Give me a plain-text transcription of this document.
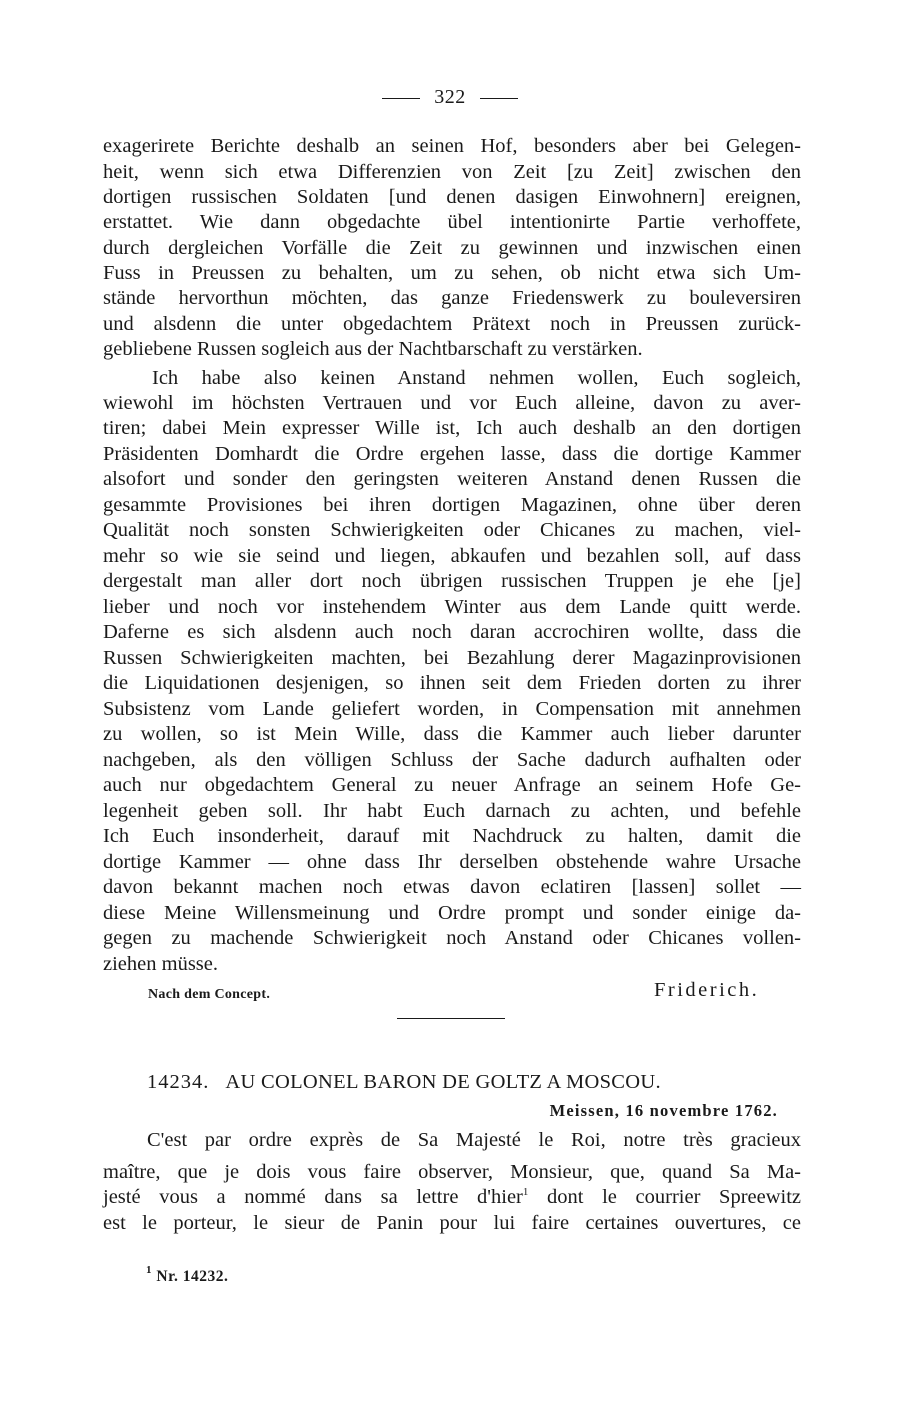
322
exagerirete Berichte deshalb an seinen Hof, besonders aber bei Gelegen-
heit, wenn sich etwa Differenzien von Zeit [zu Zeit] zwischen den
dortigen russischen Soldaten [und denen dasigen Einwohnern] ereignen,
erstattet. Wie dann obgedachte übel intentionirte Partie verhoffete,
durch dergleichen Vorfälle die Zeit zu gewinnen und inzwischen einen
Fuss in Preussen zu behalten, um zu sehen, ob nicht etwa sich Um-
stände hervorthun möchten, das ganze Friedenswerk zu bouleversiren
und alsdenn die unter obgedachtem Prätext noch in Preussen zurück-
gebliebene Russen sogleich aus der Nachtbarschaft zu verstärken.
Ich habe also keinen Anstand nehmen wollen, Euch sogleich,
wiewohl im höchsten Vertrauen und vor Euch alleine, davon zu aver-
tiren; dabei Mein expresser Wille ist, Ich auch deshalb an den dortigen
Präsidenten Domhardt die Ordre ergehen lasse, dass die dortige Kammer
alsofort und sonder den geringsten weiteren Anstand denen Russen die
gesammte Provisiones bei ihren dortigen Magazinen, ohne über deren
Qualität noch sonsten Schwierigkeiten oder Chicanes zu machen, viel-
mehr so wie sie seind und liegen, abkaufen und bezahlen soll, auf dass
dergestalt man aller dort noch übrigen russischen Truppen je ehe [je]
lieber und noch vor instehendem Winter aus dem Lande quitt werde.
Daferne es sich alsdenn auch noch daran accrochiren wollte, dass die
Russen Schwierigkeiten machten, bei Bezahlung derer Magazinprovisionen
die Liquidationen desjenigen, so ihnen seit dem Frieden dorten zu ihrer
Subsistenz vom Lande geliefert worden, in Compensation mit annehmen
zu wollen, so ist Mein Wille, dass die Kammer auch lieber darunter
nachgeben, als den völligen Schluss der Sache dadurch aufhalten oder
auch nur obgedachtem General zu neuer Anfrage an seinem Hofe Ge-
legenheit geben soll. Ihr habt Euch darnach zu achten, und befehle
Ich Euch insonderheit, darauf mit Nachdruck zu halten, damit die
dortige Kammer — ohne dass Ihr derselben obstehende wahre Ursache
davon bekannt machen noch etwas davon eclatiren [lassen] sollet —
diese Meine Willensmeinung und Ordre prompt und sonder einige da-
gegen zu machende Schwierigkeit noch Anstand oder Chicanes vollen-
ziehen müsse.
Nach dem Concept.	Friderich.
14234. AU COLONEL BARON DE GOLTZ A MOSCOU.
Meissen, 16 novembre 1762.
C'est par ordre exprès de Sa Majesté le Roi, notre très gracieux
maître, que je dois vous faire observer, Monsieur, que, quand Sa Ma-
jesté vous a nommé dans sa lettre d'hier$^1$ dont le courrier Spreewitz
est le porteur, le sieur de Panin pour lui faire certaines ouvertures, ce
$^1$ Nr. 14232.
